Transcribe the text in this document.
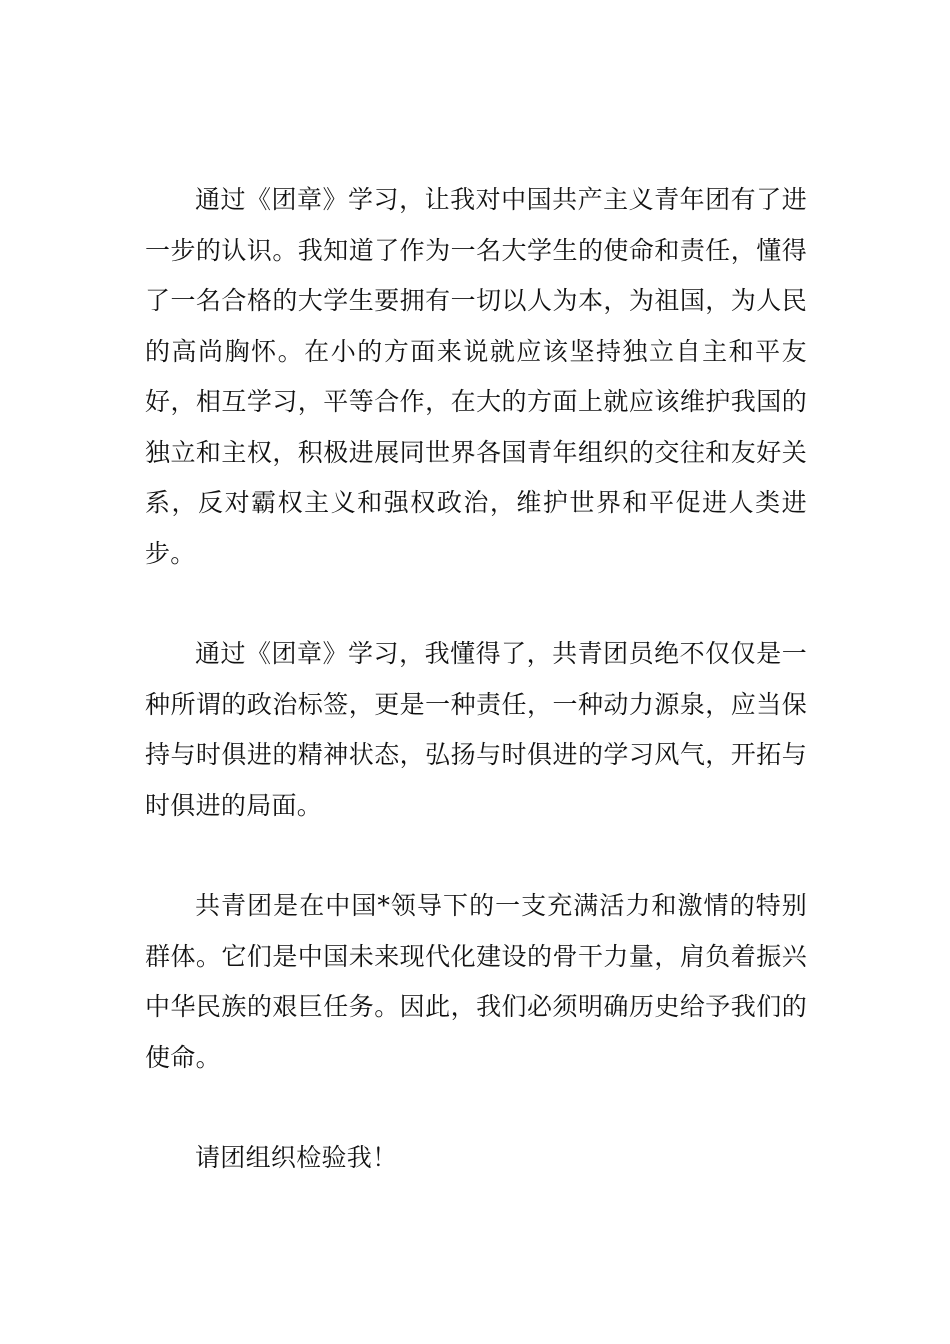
通过《团章》学习，让我对中国共产主义青年团有了进一步的认识。我知道了作为一名大学生的使命和责任，懂得了一名合格的大学生要拥有一切以人为本，为祖国，为人民的高尚胸怀。在小的方面来说就应该坚持独立自主和平友好，相互学习，平等合作，在大的方面上就应该维护我国的独立和主权，积极进展同世界各国青年组织的交往和友好关系，反对霸权主义和强权政治，维护世界和平促进人类进步。

通过《团章》学习，我懂得了，共青团员绝不仅仅是一种所谓的政治标签，更是一种责任，一种动力源泉，应当保持与时俱进的精神状态，弘扬与时俱进的学习风气，开拓与时俱进的局面。

共青团是在中国*领导下的一支充满活力和激情的特别群体。它们是中国未来现代化建设的骨干力量，肩负着振兴中华民族的艰巨任务。因此，我们必须明确历史给予我们的使命。

请团组织检验我！
